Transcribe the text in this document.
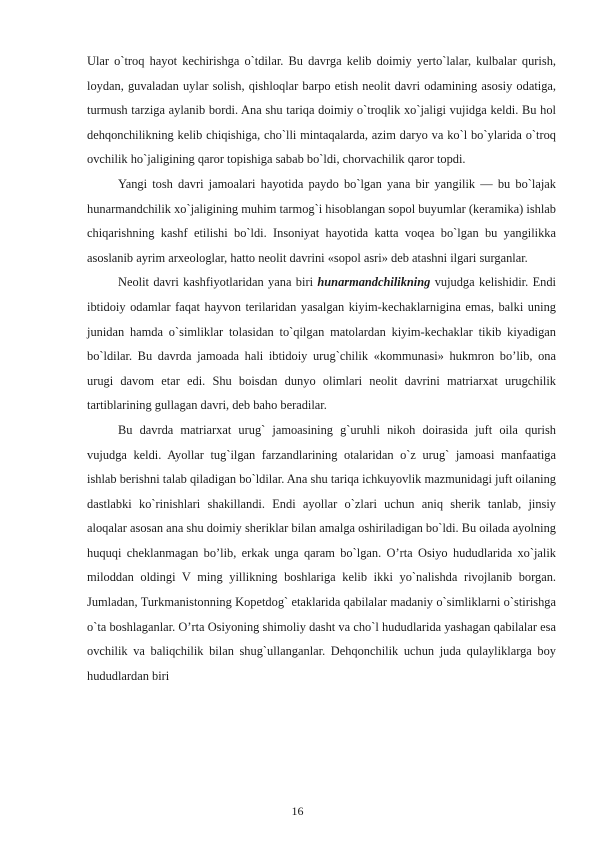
Ular o`troq hayot kechirishga o`tdilar. Bu davrga kelib doimiy yerto`lalar, kulbalar qurish, loydan, guvaladan uylar solish, qishloqlar barpo etish neolit davri odamining asosiy odatiga, turmush tarziga aylanib bordi. Ana shu tariqa doimiy o`troqlik xo`jaligi vujidga keldi. Bu hol dehqonchilikning kelib chiqishiga, cho`lli mintaqalarda, azim daryo va ko`l bo`ylarida o`troq ovchilik ho`jaligining qaror topishiga sabab bo`ldi, chorvachilik qaror topdi.

Yangi tosh davri jamoalari hayotida paydo bo`lgan yana bir yangilik — bu bo`lajak hunarmandchilik xo`jaligining muhim tarmog`i hisoblangan sopol buyumlar (keramika) ishlab chiqarishning kashf etilishi bo`ldi. Insoniyat hayotida katta voqea bo`lgan bu yangilikka asoslanib ayrim arxeologlar, hatto neolit davrini «sopol asri» deb atashni ilgari surganlar.

Neolit davri kashfiyotlaridan yana biri hunarmandchilikning vujudga kelishidir. Endi ibtidoiy odamlar faqat hayvon terilaridan yasalgan kiyim-kechaklarnigina emas, balki uning junidan hamda o`simliklar tolasidan to`qilgan matolardan kiyim-kechaklar tikib kiyadigan bo`ldilar. Bu davrda jamoada hali ibtidoiy urug`chilik «kommunasi» hukmron bo’lib, ona urugi davom etar edi. Shu boisdan dunyo olimlari neolit davrini matriarxat urugchilik tartiblarining gullagan davri, deb baho beradilar.

Bu davrda matriarxat urug` jamoasining g`uruhli nikoh doirasida juft oila qurish vujudga keldi. Ayollar tug`ilgan farzandlarining otalaridan o`z urug` jamoasi manfaatiga ishlab berishni talab qiladigan bo`ldilar. Ana shu tariqa ichkuyovlik mazmunidagi juft oilaning dastlabki ko`rinishlari shakillandi. Endi ayollar o`zlari uchun aniq sherik tanlab, jinsiy aloqalar asosan ana shu doimiy sheriklar bilan amalga oshiriladigan bo`ldi. Bu oilada ayolning huquqi cheklanmagan bo’lib, erkak unga qaram bo`lgan. O’rta Osiyo hududlarida xo`jalik miloddan oldingi V ming yillikning boshlariga kelib ikki yo`nalishda rivojlanib borgan. Jumladan, Turkmanistonning Kopetdog` etaklarida qabilalar madaniy o`simliklarni o`stirishga o`ta boshlaganlar. O’rta Osiyoning shimoliy dasht va cho`l hududlarida yashagan qabilalar esa ovchilik va baliqchilik bilan shug`ullanganlar. Dehqonchilik uchun juda qulayliklarga boy hududlardan biri

16
